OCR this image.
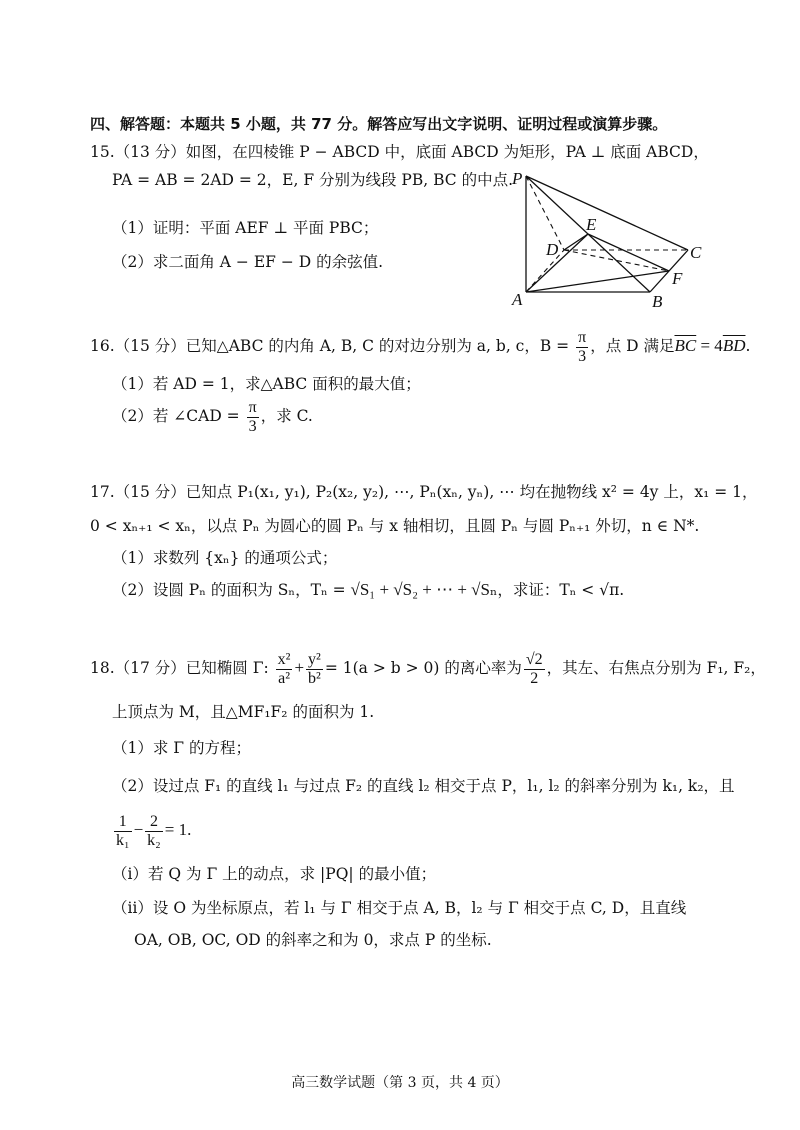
四、解答题：本题共 5 小题，共 77 分。解答应写出文字说明、证明过程或演算步骤。
15.（13 分）如图，在四棱锥 P − ABCD 中，底面 ABCD 为矩形，PA ⊥ 底面 ABCD，
PA = AB = 2AD = 2，E, F 分别为线段 PB, BC 的中点.
（1）证明：平面 AEF ⊥ 平面 PBC；
（2）求二面角 A − EF − D 的余弦值.
P
E
D	C
F
A	B
16.（15 分）已知△ABC 的内角 A, B, C 的对边分别为 a, b, c，$B = \frac{\pi}{3}$ ，点 D 满足$\overline{BC} = 4\overline{BD}$.
（1）若 AD = 1，求△ABC 面积的最大值；
（2）若 ∠CAD = $\frac{\pi}{3}$ ，求 C.
17.（15 分）已知点 P₁(x₁, y₁), P₂(x₂, y₂), ⋯, Pₙ(xₙ, yₙ), ⋯ 均在抛物线 x² = 4y 上，x₁ = 1，
0 < xₙ₊₁ < xₙ，以点 Pₙ 为圆心的圆 Pₙ 与 x 轴相切，且圆 Pₙ 与圆 Pₙ₊₁ 外切，n ∈ N*.
（1）求数列 {xₙ} 的通项公式；
（2）设圆 Pₙ 的面积为 Sₙ，Tₙ = √S₁ + √S₂ + ⋯ + √Sₙ，求证：Tₙ < √π.
18.（17 分）已知椭圆 Γ: $\frac{\text{x²}}{\text{a²}} + \frac{\text{y²}}{\text{b²}} = 1(a > b > 0)$ 的离心率为 $\frac{√2}{2}$ ，其左、右焦点分别为 F₁, F₂，
上顶点为 M，且△MF₁F₂ 的面积为 1.
（1）求 Γ 的方程；
（2）设过点 F₁ 的直线 l₁ 与过点 F₂ 的直线 l₂ 相交于点 P，l₁, l₂ 的斜率分别为 k₁, k₂，且
$\frac{1}{\text{k₁}} - \frac{2}{\text{k₂}} = 1$.
（ⅰ）若 Q 为 Γ 上的动点，求 |PQ| 的最小值；
（ⅱ）设 O 为坐标原点，若 l₁ 与 Γ 相交于点 A, B，l₂ 与 Γ 相交于点 C, D，且直线
OA, OB, OC, OD 的斜率之和为 0，求点 P 的坐标.
高三数学试题（第 3 页，共 4 页）
